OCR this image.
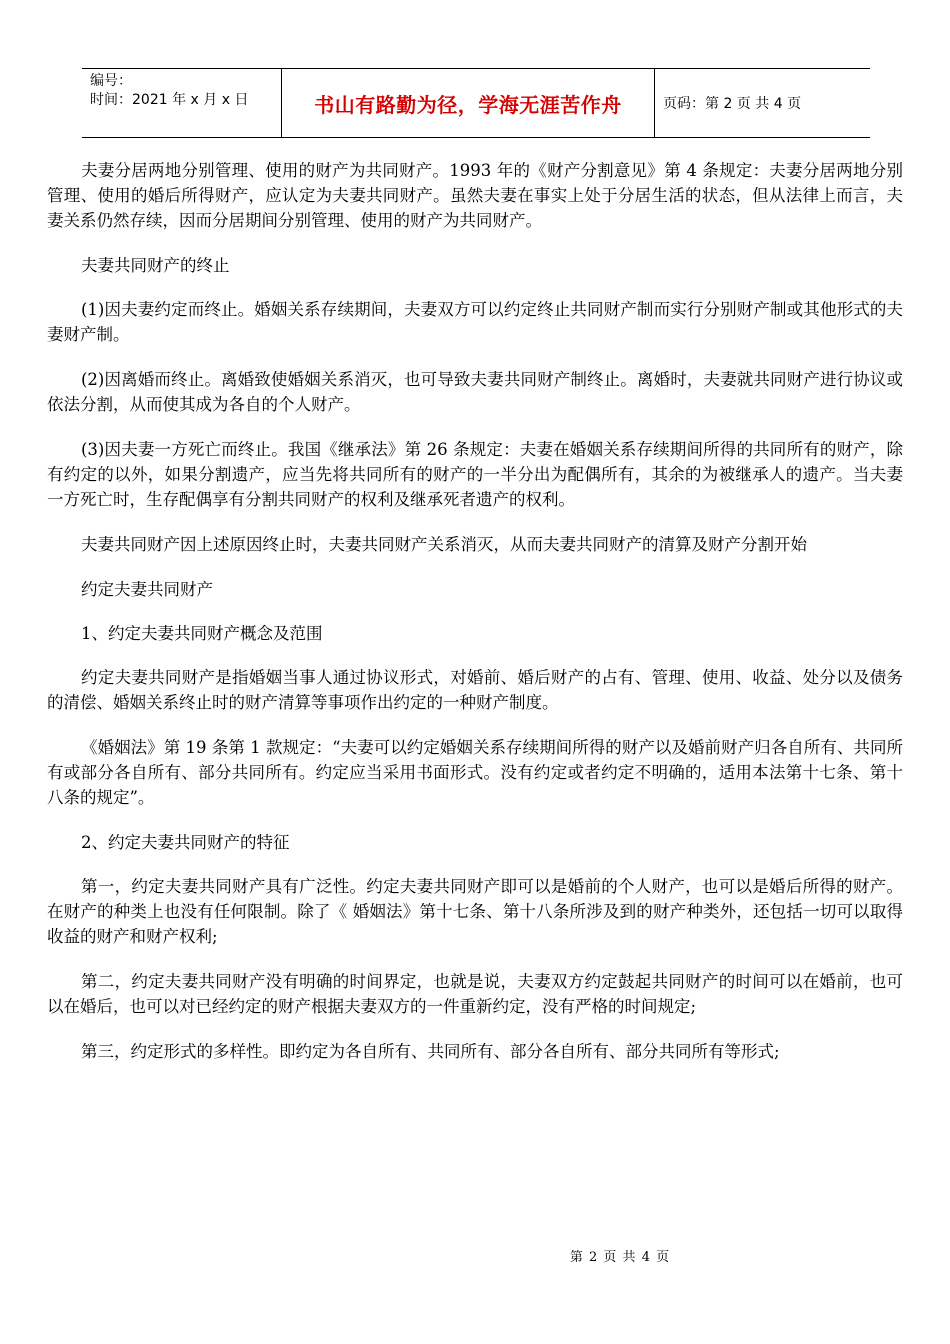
编号：
时间：2021 年 x 月 x 日	书山有路勤为径，学海无涯苦作舟	页码：第 2 页 共 4 页

夫妻分居两地分别管理、使用的财产为共同财产。1993 年的《财产分割意见》第 4 条规定：夫妻分居两地分别管理、使用的婚后所得财产，应认定为夫妻共同财产。虽然夫妻在事实上处于分居生活的状态，但从法律上而言，夫妻关系仍然存续，因而分居期间分别管理、使用的财产为共同财产。

夫妻共同财产的终止

(1)因夫妻约定而终止。婚姻关系存续期间，夫妻双方可以约定终止共同财产制而实行分别财产制或其他形式的夫妻财产制。

(2)因离婚而终止。离婚致使婚姻关系消灭，也可导致夫妻共同财产制终止。离婚时，夫妻就共同财产进行协议或依法分割，从而使其成为各自的个人财产。

(3)因夫妻一方死亡而终止。我国《继承法》第 26 条规定：夫妻在婚姻关系存续期间所得的共同所有的财产，除有约定的以外，如果分割遗产，应当先将共同所有的财产的一半分出为配偶所有，其余的为被继承人的遗产。当夫妻一方死亡时，生存配偶享有分割共同财产的权利及继承死者遗产的权利。

夫妻共同财产因上述原因终止时，夫妻共同财产关系消灭，从而夫妻共同财产的清算及财产分割开始

约定夫妻共同财产

1、约定夫妻共同财产概念及范围

约定夫妻共同财产是指婚姻当事人通过协议形式，对婚前、婚后财产的占有、管理、使用、收益、处分以及债务的清偿、婚姻关系终止时的财产清算等事项作出约定的一种财产制度。

《婚姻法》第 19 条第 1 款规定：“夫妻可以约定婚姻关系存续期间所得的财产以及婚前财产归各自所有、共同所有或部分各自所有、部分共同所有。约定应当采用书面形式。没有约定或者约定不明确的，适用本法第十七条、第十八条的规定”。

2、约定夫妻共同财产的特征

第一，约定夫妻共同财产具有广泛性。约定夫妻共同财产即可以是婚前的个人财产，也可以是婚后所得的财产。在财产的种类上也没有任何限制。除了《 婚姻法》第十七条、第十八条所涉及到的财产种类外，还包括一切可以取得收益的财产和财产权利;

第二，约定夫妻共同财产没有明确的时间界定，也就是说，夫妻双方约定鼓起共同财产的时间可以在婚前，也可以在婚后，也可以对已经约定的财产根据夫妻双方的一件重新约定，没有严格的时间规定;

第三，约定形式的多样性。即约定为各自所有、共同所有、部分各自所有、部分共同所有等形式;

第 2 页 共 4 页
